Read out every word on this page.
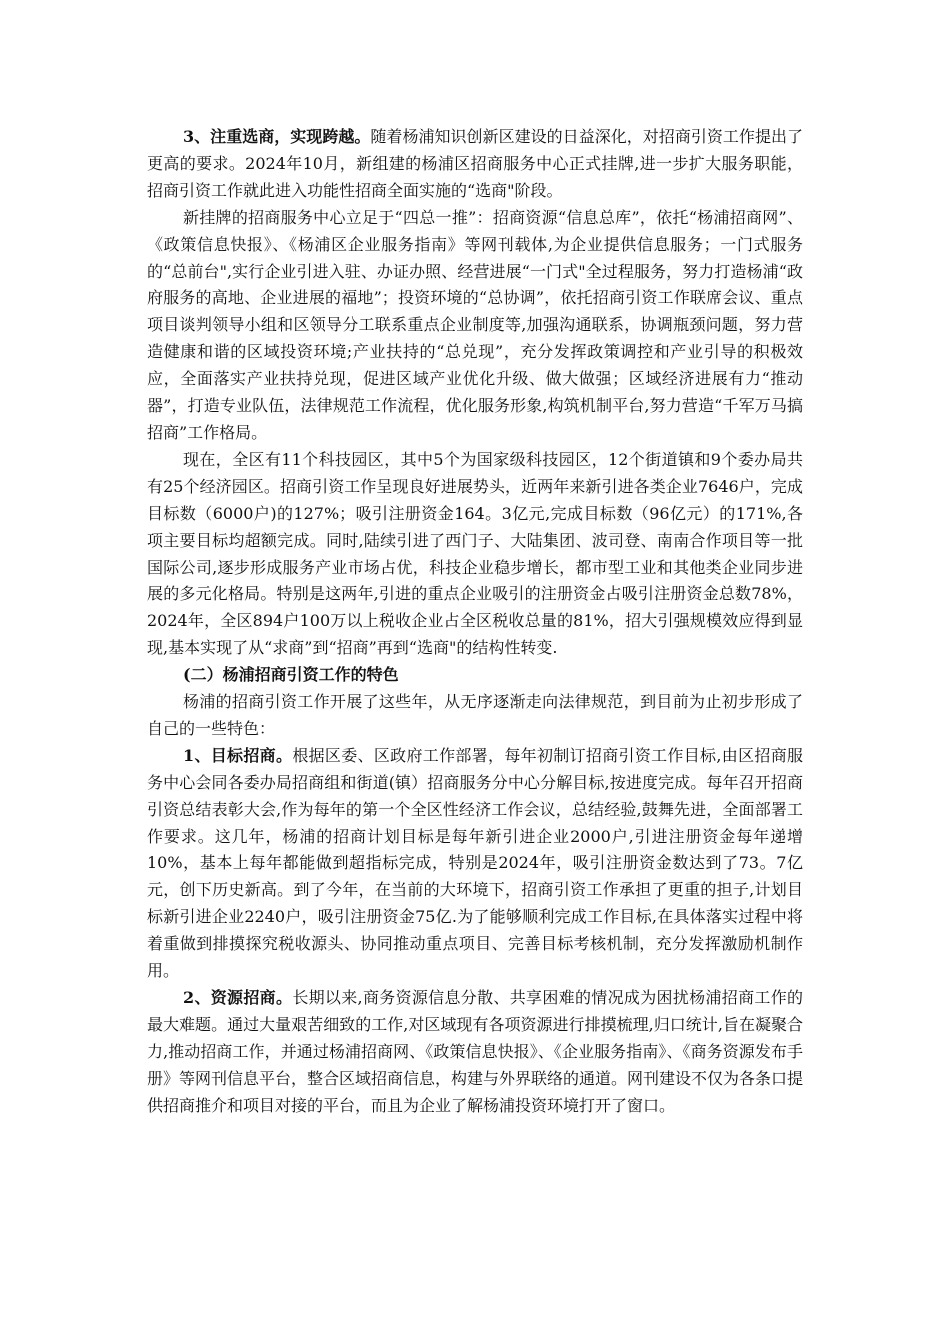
3、注重选商，实现跨越。随着杨浦知识创新区建设的日益深化，对招商引资工作提出了更高的要求。2024年10月，新组建的杨浦区招商服务中心正式挂牌,进一步扩大服务职能，招商引资工作就此进入功能性招商全面实施的“选商"阶段。

新挂牌的招商服务中心立足于“四总一推”：招商资源“信息总库”，依托“杨浦招商网”、《政策信息快报》、《杨浦区企业服务指南》等网刊载体,为企业提供信息服务；一门式服务的“总前台",实行企业引进入驻、办证办照、经营进展“一门式"全过程服务，努力打造杨浦“政府服务的高地、企业进展的福地”；投资环境的“总协调”，依托招商引资工作联席会议、重点项目谈判领导小组和区领导分工联系重点企业制度等,加强沟通联系，协调瓶颈问题，努力营造健康和谐的区域投资环境;产业扶持的“总兑现”，充分发挥政策调控和产业引导的积极效应，全面落实产业扶持兑现，促进区域产业优化升级、做大做强；区域经济进展有力“推动器”，打造专业队伍，法律规范工作流程，优化服务形象,构筑机制平台,努力营造“千军万马搞招商”工作格局。

现在，全区有11个科技园区，其中5个为国家级科技园区，12个街道镇和9个委办局共有25个经济园区。招商引资工作呈现良好进展势头，近两年来新引进各类企业7646户，完成目标数（6000户)的127%；吸引注册资金164。3亿元,完成目标数（96亿元）的171%,各项主要目标均超额完成。同时,陆续引进了西门子、大陆集团、波司登、南南合作项目等一批国际公司,逐步形成服务产业市场占优，科技企业稳步增长，都市型工业和其他类企业同步进展的多元化格局。特别是这两年,引进的重点企业吸引的注册资金占吸引注册资金总数78%，2024年，全区894户100万以上税收企业占全区税收总量的81%，招大引强规模效应得到显现,基本实现了从“求商”到“招商”再到“选商"的结构性转变.

(二）杨浦招商引资工作的特色

杨浦的招商引资工作开展了这些年，从无序逐渐走向法律规范，到目前为止初步形成了自己的一些特色：

1、目标招商。根据区委、区政府工作部署，每年初制订招商引资工作目标,由区招商服务中心会同各委办局招商组和街道(镇）招商服务分中心分解目标,按进度完成。每年召开招商引资总结表彰大会,作为每年的第一个全区性经济工作会议，总结经验,鼓舞先进，全面部署工作要求。这几年，杨浦的招商计划目标是每年新引进企业2000户,引进注册资金每年递增10%，基本上每年都能做到超指标完成，特别是2024年，吸引注册资金数达到了73。7亿元，创下历史新高。到了今年，在当前的大环境下，招商引资工作承担了更重的担子,计划目标新引进企业2240户，吸引注册资金75亿.为了能够顺利完成工作目标,在具体落实过程中将着重做到排摸探究税收源头、协同推动重点项目、完善目标考核机制，充分发挥激励机制作用。

2、资源招商。长期以来,商务资源信息分散、共享困难的情况成为困扰杨浦招商工作的最大难题。通过大量艰苦细致的工作,对区域现有各项资源进行排摸梳理,归口统计,旨在凝聚合力,推动招商工作，并通过杨浦招商网、《政策信息快报》、《企业服务指南》、《商务资源发布手册》等网刊信息平台，整合区域招商信息，构建与外界联络的通道。网刊建设不仅为各条口提供招商推介和项目对接的平台，而且为企业了解杨浦投资环境打开了窗口。
